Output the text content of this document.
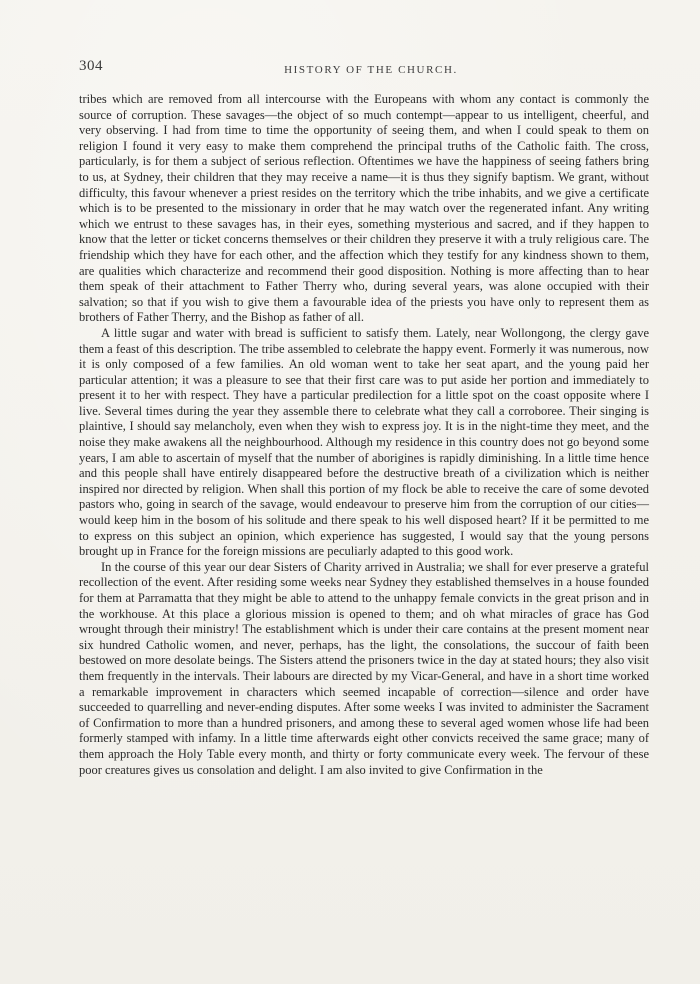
304	HISTORY OF THE CHURCH.

tribes which are removed from all intercourse with the Europeans with whom any contact is commonly the source of corruption. These savages—the object of so much contempt—appear to us intelligent, cheerful, and very observing. I had from time to time the opportunity of seeing them, and when I could speak to them on religion I found it very easy to make them comprehend the principal truths of the Catholic faith. The cross, particularly, is for them a subject of serious reflection. Oftentimes we have the happiness of seeing fathers bring to us, at Sydney, their children that they may receive a name—it is thus they signify baptism. We grant, without difficulty, this favour whenever a priest resides on the territory which the tribe inhabits, and we give a certificate which is to be presented to the missionary in order that he may watch over the regenerated infant. Any writing which we entrust to these savages has, in their eyes, something mysterious and sacred, and if they happen to know that the letter or ticket concerns themselves or their children they preserve it with a truly religious care. The friendship which they have for each other, and the affection which they testify for any kindness shown to them, are qualities which characterize and recommend their good disposition. Nothing is more affecting than to hear them speak of their attachment to Father Therry who, during several years, was alone occupied with their salvation; so that if you wish to give them a favourable idea of the priests you have only to represent them as brothers of Father Therry, and the Bishop as father of all.

A little sugar and water with bread is sufficient to satisfy them. Lately, near Wollongong, the clergy gave them a feast of this description. The tribe assembled to celebrate the happy event. Formerly it was numerous, now it is only composed of a few families. An old woman went to take her seat apart, and the young paid her particular attention; it was a pleasure to see that their first care was to put aside her portion and immediately to present it to her with respect. They have a particular predilection for a little spot on the coast opposite where I live. Several times during the year they assemble there to celebrate what they call a corroboree. Their singing is plaintive, I should say melancholy, even when they wish to express joy. It is in the night-time they meet, and the noise they make awakens all the neighbourhood. Although my residence in this country does not go beyond some years, I am able to ascertain of myself that the number of aborigines is rapidly diminishing. In a little time hence and this people shall have entirely disappeared before the destructive breath of a civilization which is neither inspired nor directed by religion. When shall this portion of my flock be able to receive the care of some devoted pastors who, going in search of the savage, would endeavour to preserve him from the corruption of our cities—would keep him in the bosom of his solitude and there speak to his well disposed heart? If it be permitted to me to express on this subject an opinion, which experience has suggested, I would say that the young persons brought up in France for the foreign missions are peculiarly adapted to this good work.

In the course of this year our dear Sisters of Charity arrived in Australia; we shall for ever preserve a grateful recollection of the event. After residing some weeks near Sydney they established themselves in a house founded for them at Parramatta that they might be able to attend to the unhappy female convicts in the great prison and in the workhouse. At this place a glorious mission is opened to them; and oh what miracles of grace has God wrought through their ministry! The establishment which is under their care contains at the present moment near six hundred Catholic women, and never, perhaps, has the light, the consolations, the succour of faith been bestowed on more desolate beings. The Sisters attend the prisoners twice in the day at stated hours; they also visit them frequently in the intervals. Their labours are directed by my Vicar-General, and have in a short time worked a remarkable improvement in characters which seemed incapable of correction—silence and order have succeeded to quarrelling and never-ending disputes. After some weeks I was invited to administer the Sacrament of Confirmation to more than a hundred prisoners, and among these to several aged women whose life had been formerly stamped with infamy. In a little time afterwards eight other convicts received the same grace; many of them approach the Holy Table every month, and thirty or forty communicate every week. The fervour of these poor creatures gives us consolation and delight. I am also invited to give Confirmation in the
